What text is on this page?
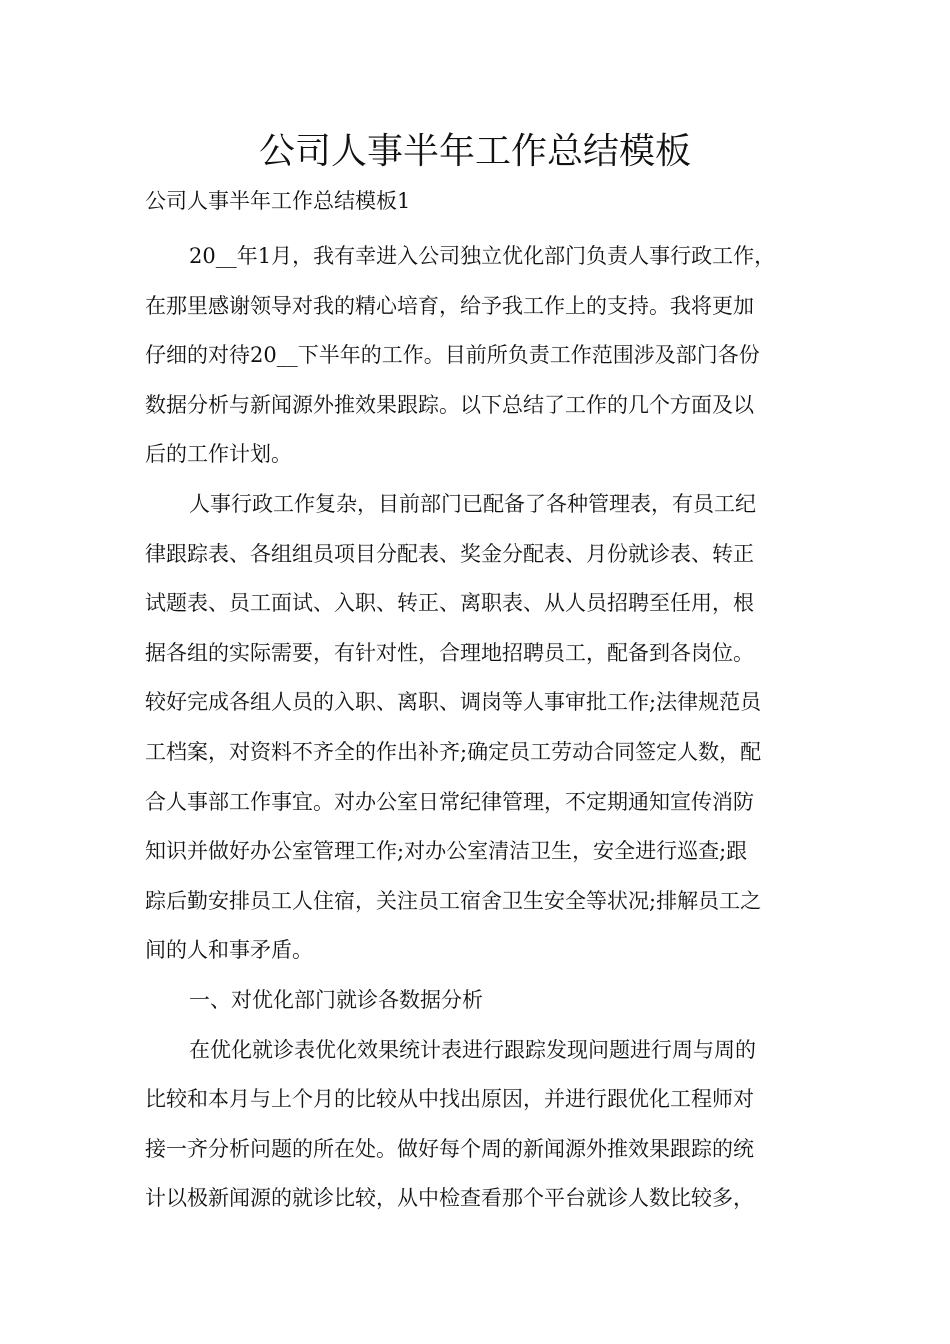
公司人事半年工作总结模板
公司人事半年工作总结模板1

20__年1月，我有幸进入公司独立优化部门负责人事行政工作，
在那里感谢领导对我的精心培育，给予我工作上的支持。我将更加
仔细的对待20__下半年的工作。目前所负责工作范围涉及部门各份
数据分析与新闻源外推效果跟踪。以下总结了工作的几个方面及以
后的工作计划。

人事行政工作复杂，目前部门已配备了各种管理表，有员工纪
律跟踪表、各组组员项目分配表、奖金分配表、月份就诊表、转正
试题表、员工面试、入职、转正、离职表、从人员招聘至任用，根
据各组的实际需要，有针对性，合理地招聘员工，配备到各岗位。
较好完成各组人员的入职、离职、调岗等人事审批工作;法律规范员
工档案，对资料不齐全的作出补齐;确定员工劳动合同签定人数，配
合人事部工作事宜。对办公室日常纪律管理，不定期通知宣传消防
知识并做好办公室管理工作;对办公室清洁卫生，安全进行巡查;跟
踪后勤安排员工人住宿，关注员工宿舍卫生安全等状况;排解员工之
间的人和事矛盾。

一、对优化部门就诊各数据分析

在优化就诊表优化效果统计表进行跟踪发现问题进行周与周的
比较和本月与上个月的比较从中找出原因，并进行跟优化工程师对
接一齐分析问题的所在处。做好每个周的新闻源外推效果跟踪的统
计以极新闻源的就诊比较，从中检查看那个平台就诊人数比较多，
